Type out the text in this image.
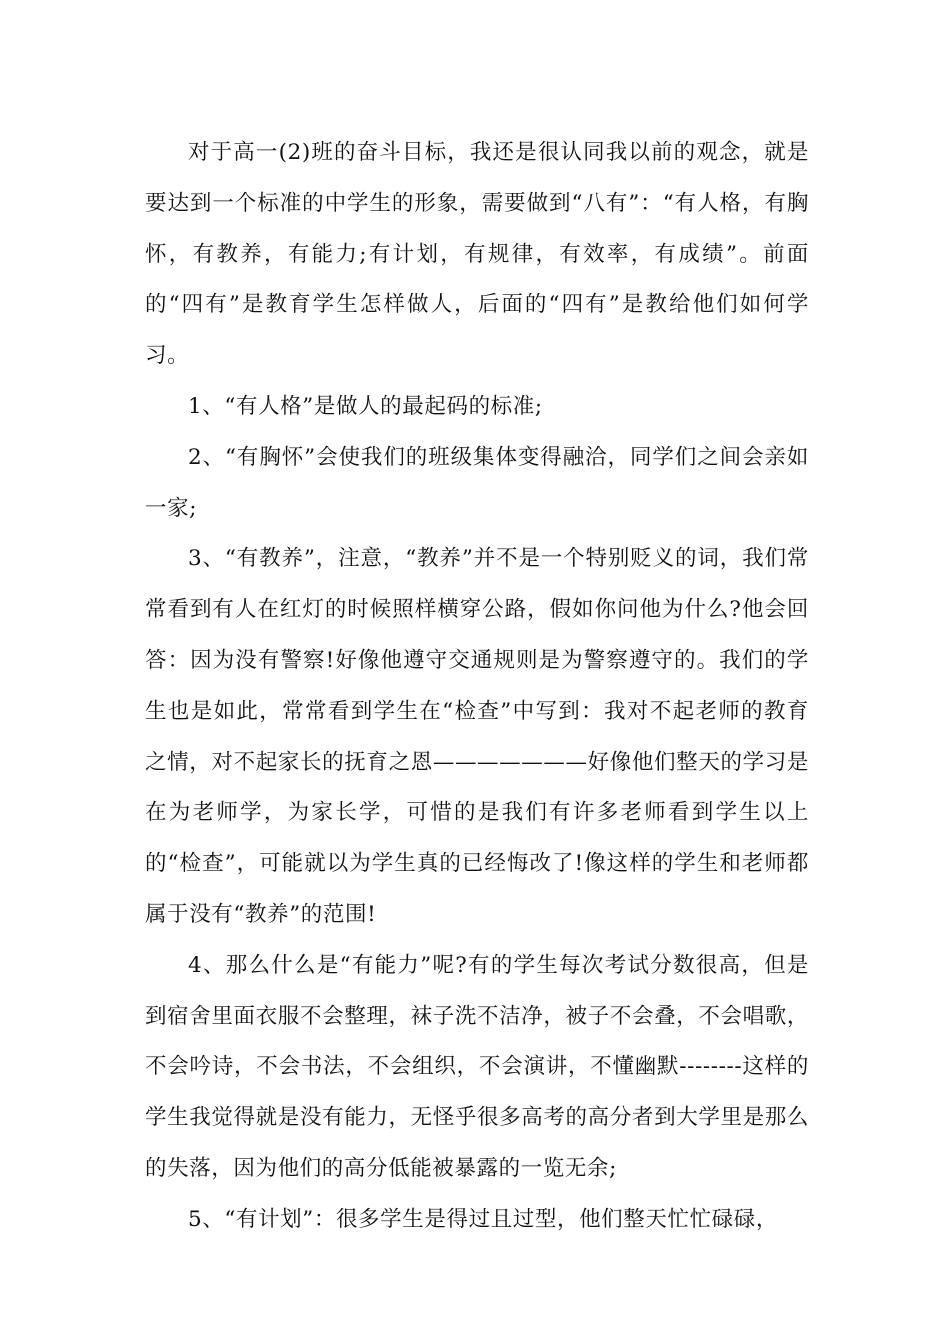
对于高一(2)班的奋斗目标，我还是很认同我以前的观念，就是要达到一个标准的中学生的形象，需要做到“八有”：“有人格，有胸怀，有教养，有能力;有计划，有规律，有效率，有成绩”。前面的“四有”是教育学生怎样做人，后面的“四有”是教给他们如何学习。

1、“有人格”是做人的最起码的标准;

2、“有胸怀”会使我们的班级集体变得融洽，同学们之间会亲如一家;

3、“有教养”，注意，“教养”并不是一个特别贬义的词，我们常常看到有人在红灯的时候照样横穿公路，假如你问他为什么?他会回答：因为没有警察!好像他遵守交通规则是为警察遵守的。我们的学生也是如此，常常看到学生在“检查”中写到：我对不起老师的教育之情，对不起家长的抚育之恩———————好像他们整天的学习是在为老师学，为家长学，可惜的是我们有许多老师看到学生以上的“检查”，可能就以为学生真的已经悔改了!像这样的学生和老师都属于没有“教养”的范围!

4、那么什么是“有能力”呢?有的学生每次考试分数很高，但是到宿舍里面衣服不会整理，袜子洗不洁净，被子不会叠，不会唱歌，不会吟诗，不会书法，不会组织，不会演讲，不懂幽默--------这样的学生我觉得就是没有能力，无怪乎很多高考的高分者到大学里是那么的失落，因为他们的高分低能被暴露的一览无余;

5、“有计划”：很多学生是得过且过型，他们整天忙忙碌碌，
